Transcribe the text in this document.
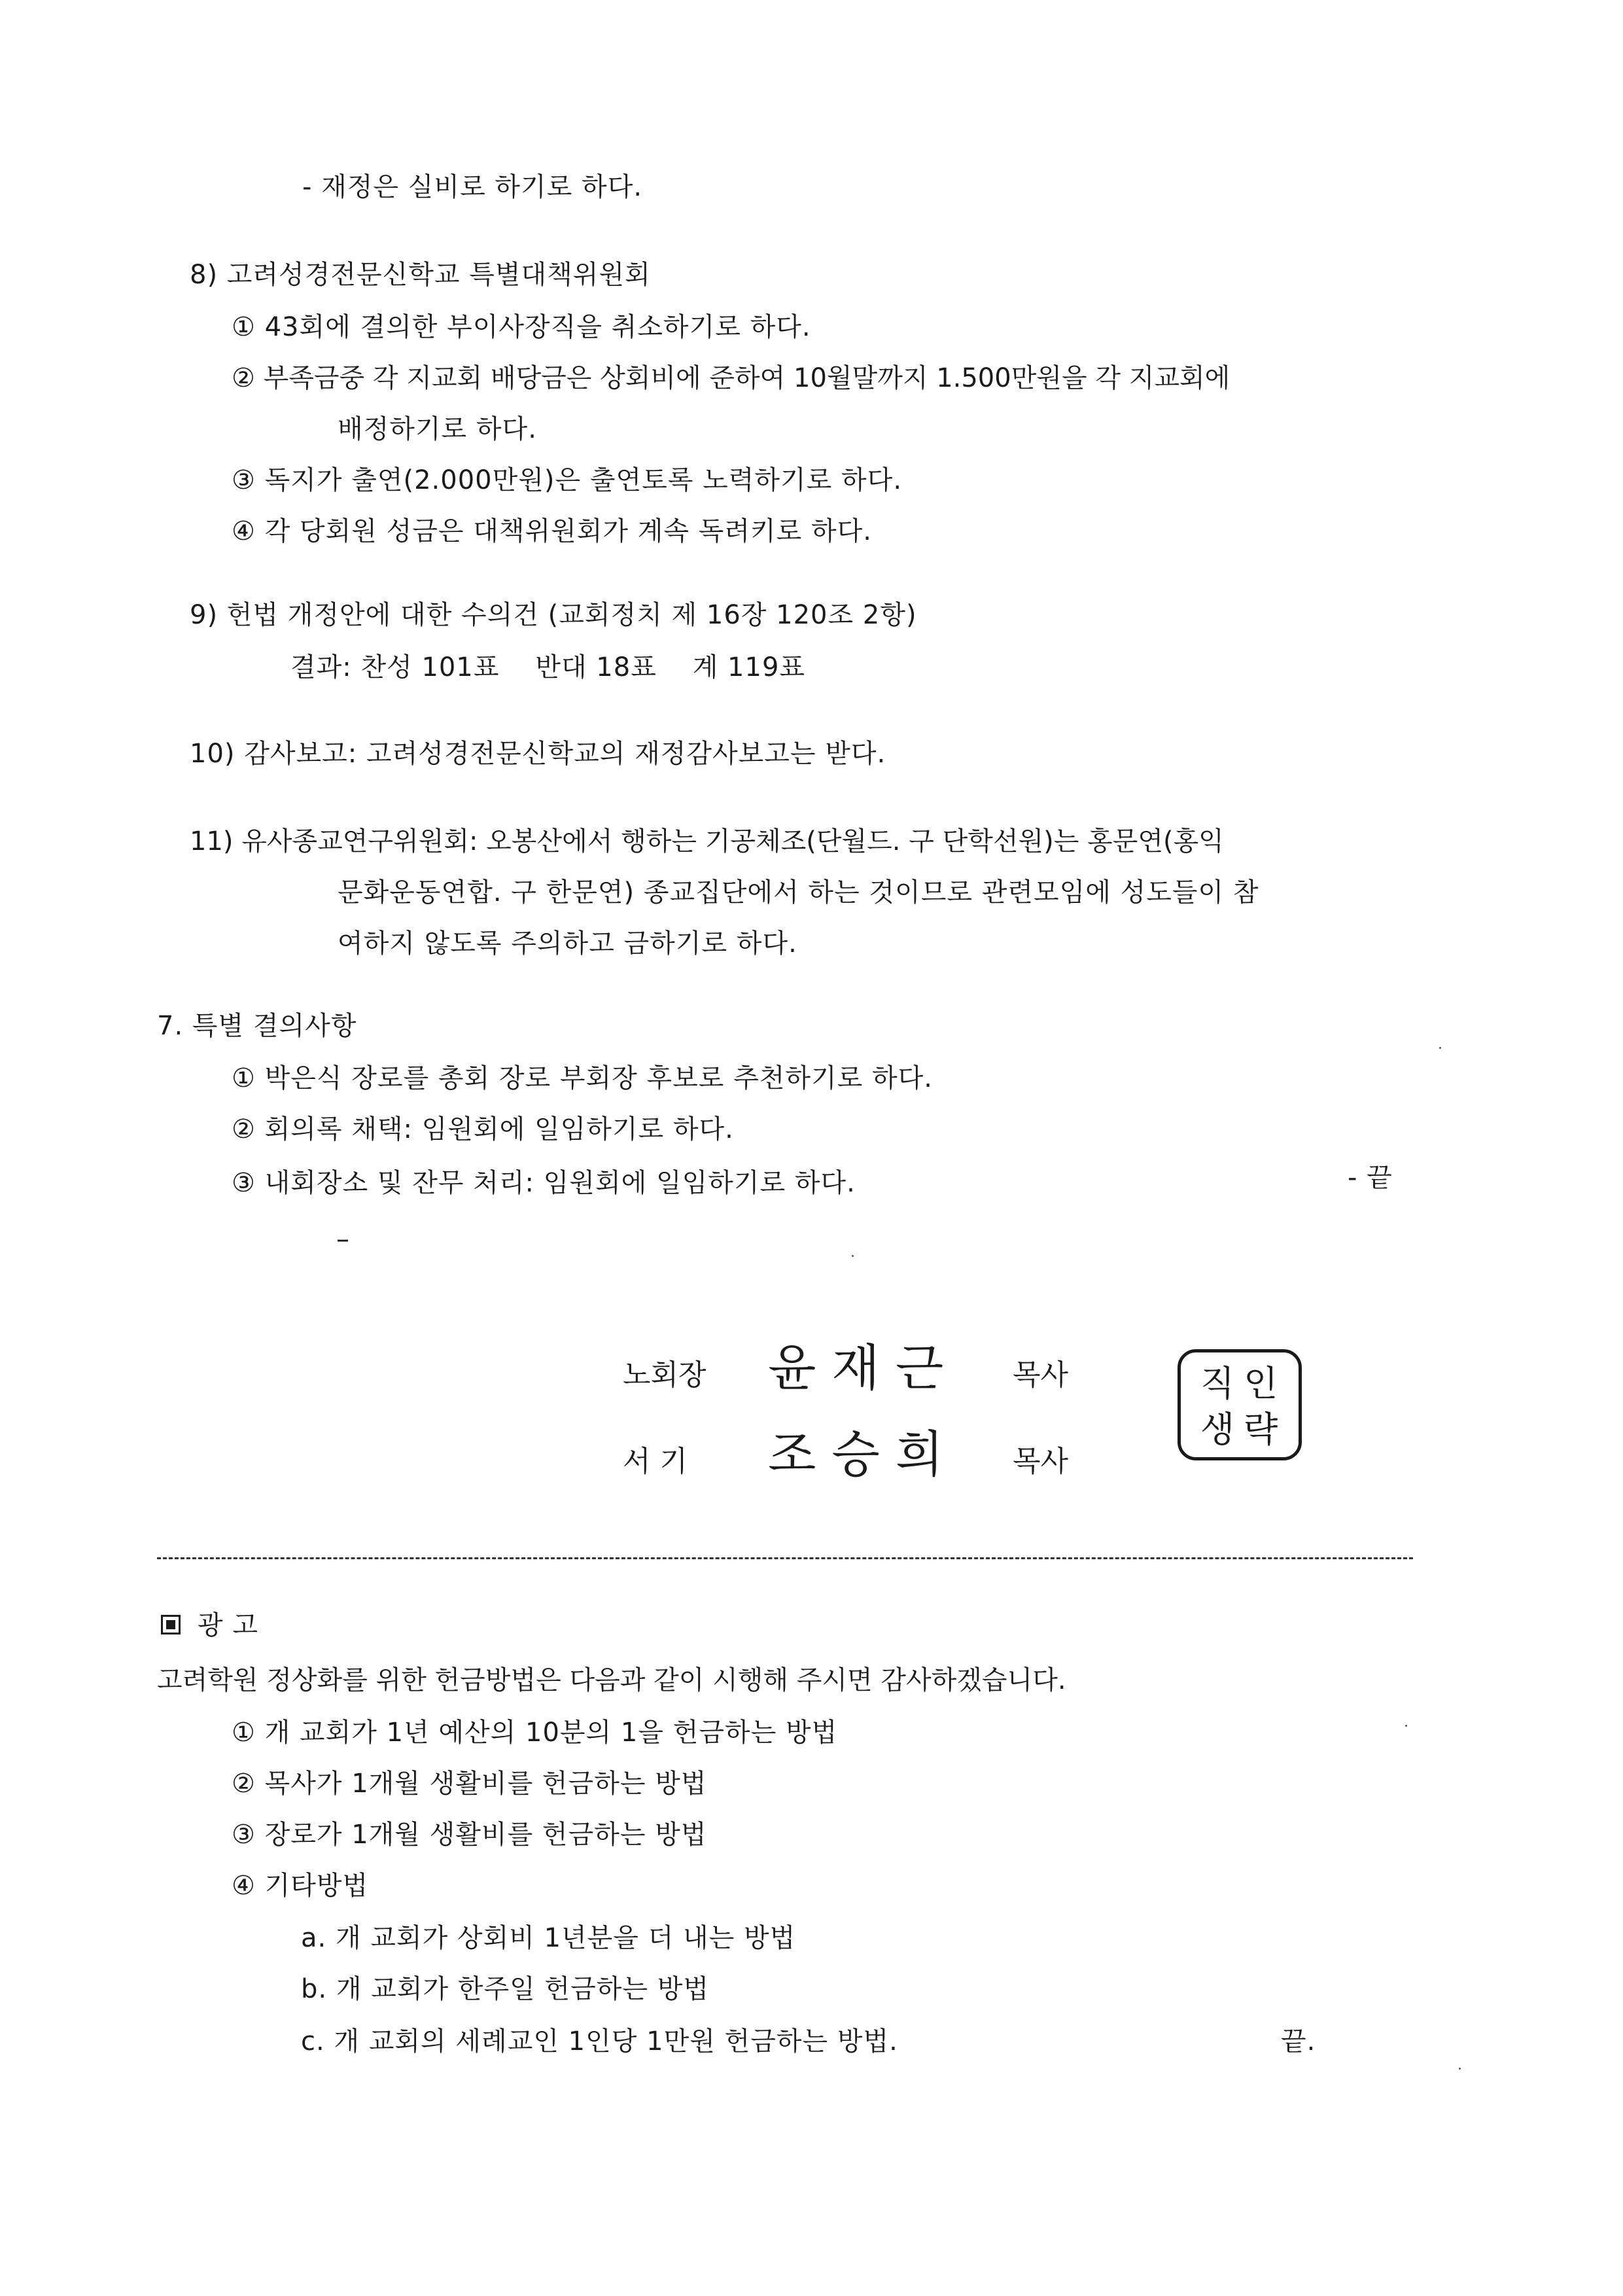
- 재정은 실비로 하기로 하다.
8) 고려성경전문신학교 특별대책위원회
① 43회에 결의한 부이사장직을 취소하기로 하다.
② 부족금중 각 지교회 배당금은 상회비에 준하여 10월말까지 1.500만원을 각 지교회에
배정하기로 하다.
③ 독지가 출연(2.000만원)은 출연토록 노력하기로 하다.
④ 각 당회원 성금은 대책위원회가 계속 독려키로 하다.
9) 헌법 개정안에 대한 수의건 (교회정치 제 16장 120조 2항)
결과: 찬성 101표    반대 18표    계 119표
10) 감사보고: 고려성경전문신학교의 재정감사보고는 받다.
11) 유사종교연구위원회: 오봉산에서 행하는 기공체조(단월드. 구 단학선원)는 홍문연(홍익
문화운동연합. 구 한문연) 종교집단에서 하는 것이므로 관련모임에 성도들이 참
여하지 않도록 주의하고 금하기로 하다.
7. 특별 결의사항
① 박은식 장로를 총회 장로 부회장 후보로 추천하기로 하다.
② 회의록 채택: 임원회에 일임하기로 하다.
③ 내회장소 및 잔무 처리: 임원회에 일임하기로 하다.	- 끝
–
노회장 윤재근 목사
서 기 조승희 목사
직인
생략
광 고
고려학원 정상화를 위한 헌금방법은 다음과 같이 시행해 주시면 감사하겠습니다.
① 개 교회가 1년 예산의 10분의 1을 헌금하는 방법
② 목사가 1개월 생활비를 헌금하는 방법
③ 장로가 1개월 생활비를 헌금하는 방법
④ 기타방법
a. 개 교회가 상회비 1년분을 더 내는 방법
b. 개 교회가 한주일 헌금하는 방법
c. 개 교회의 세례교인 1인당 1만원 헌금하는 방법.	끝.
